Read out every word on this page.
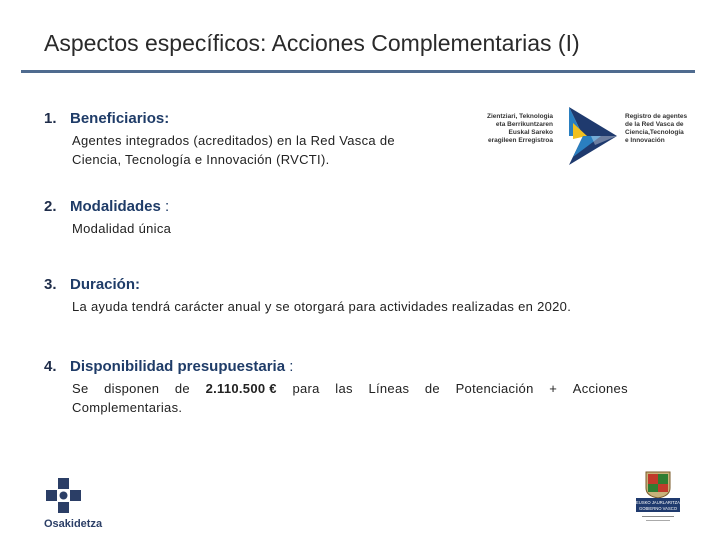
Aspectos específicos: Acciones Complementarias (I)
1. Beneficiarios:
Agentes integrados (acreditados) en la Red Vasca de
Ciencia, Tecnología e Innovación (RVCTI).
2. Modalidades :
Modalidad única
3. Duración:
La ayuda tendrá carácter anual y se otorgará para actividades realizadas en 2020.
4. Disponibilidad presupuestaria :
Se disponen de 2.110.500 € para las Líneas de Potenciación + Acciones
Complementarias.
Zientziari, Teknologia
eta Berrikuntzaren
Euskal Sareko
eragileen Erregistroa
Registro de agentes
de la Red Vasca de
Ciencia,Tecnología
e Innovación
Osakidetza
EUSKO JAURLARITZA
GOBIERNO VASCO
